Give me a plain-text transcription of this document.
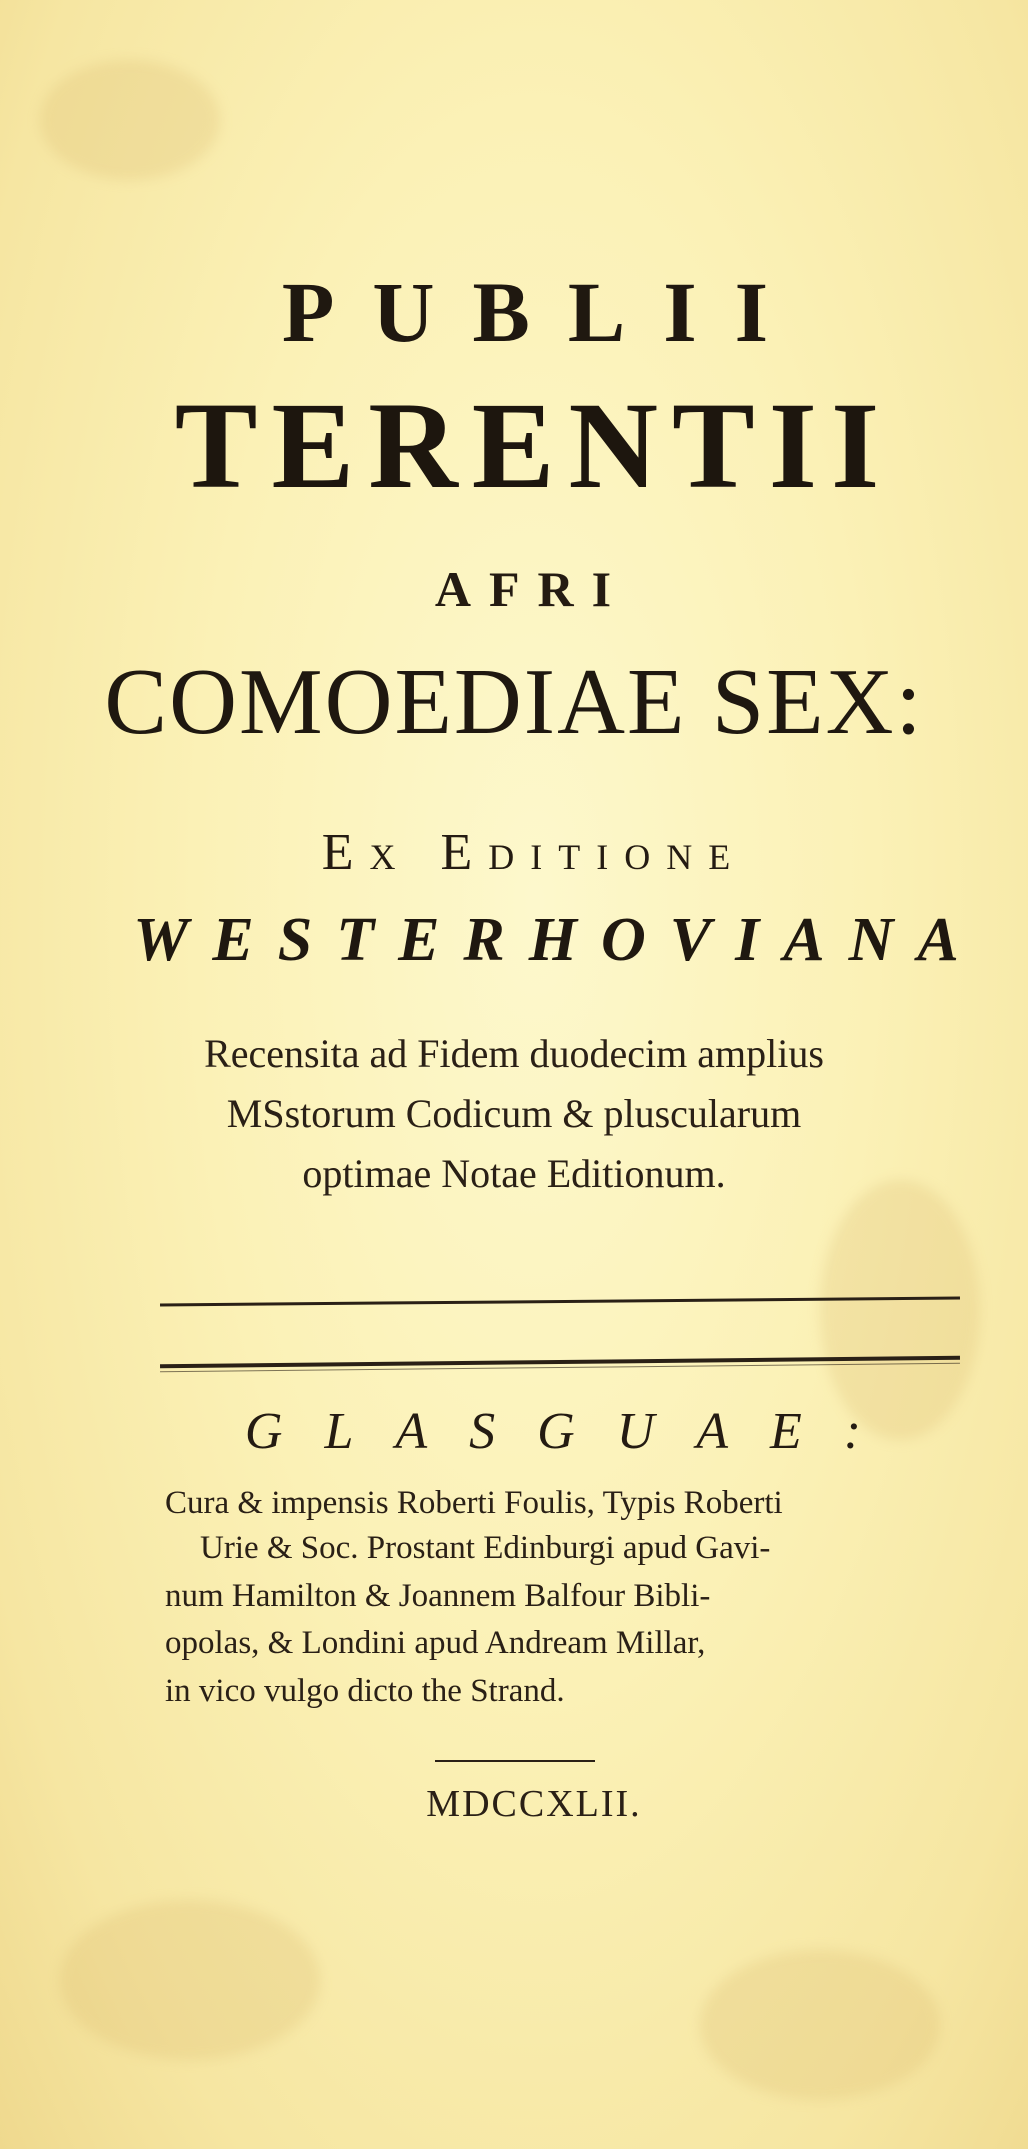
PUBLII
TERENTII
AFRI
COMOEDIAE SEX:
Ex Editione
WESTERHOVIANA
Recensita ad Fidem duodecim amplius
MSstorum Codicum & pluscularum
optimae Notae Editionum.
GLASGUAE:
Cura & impensis Roberti Foulis, Typis Roberti
Urie & Soc. Prostant Edinburgi apud Gavi-
num Hamilton & Joannem Balfour Bibli-
opolas, & Londini apud Andream Millar,
in vico vulgo dicto the Strand.
MDCCXLII.
